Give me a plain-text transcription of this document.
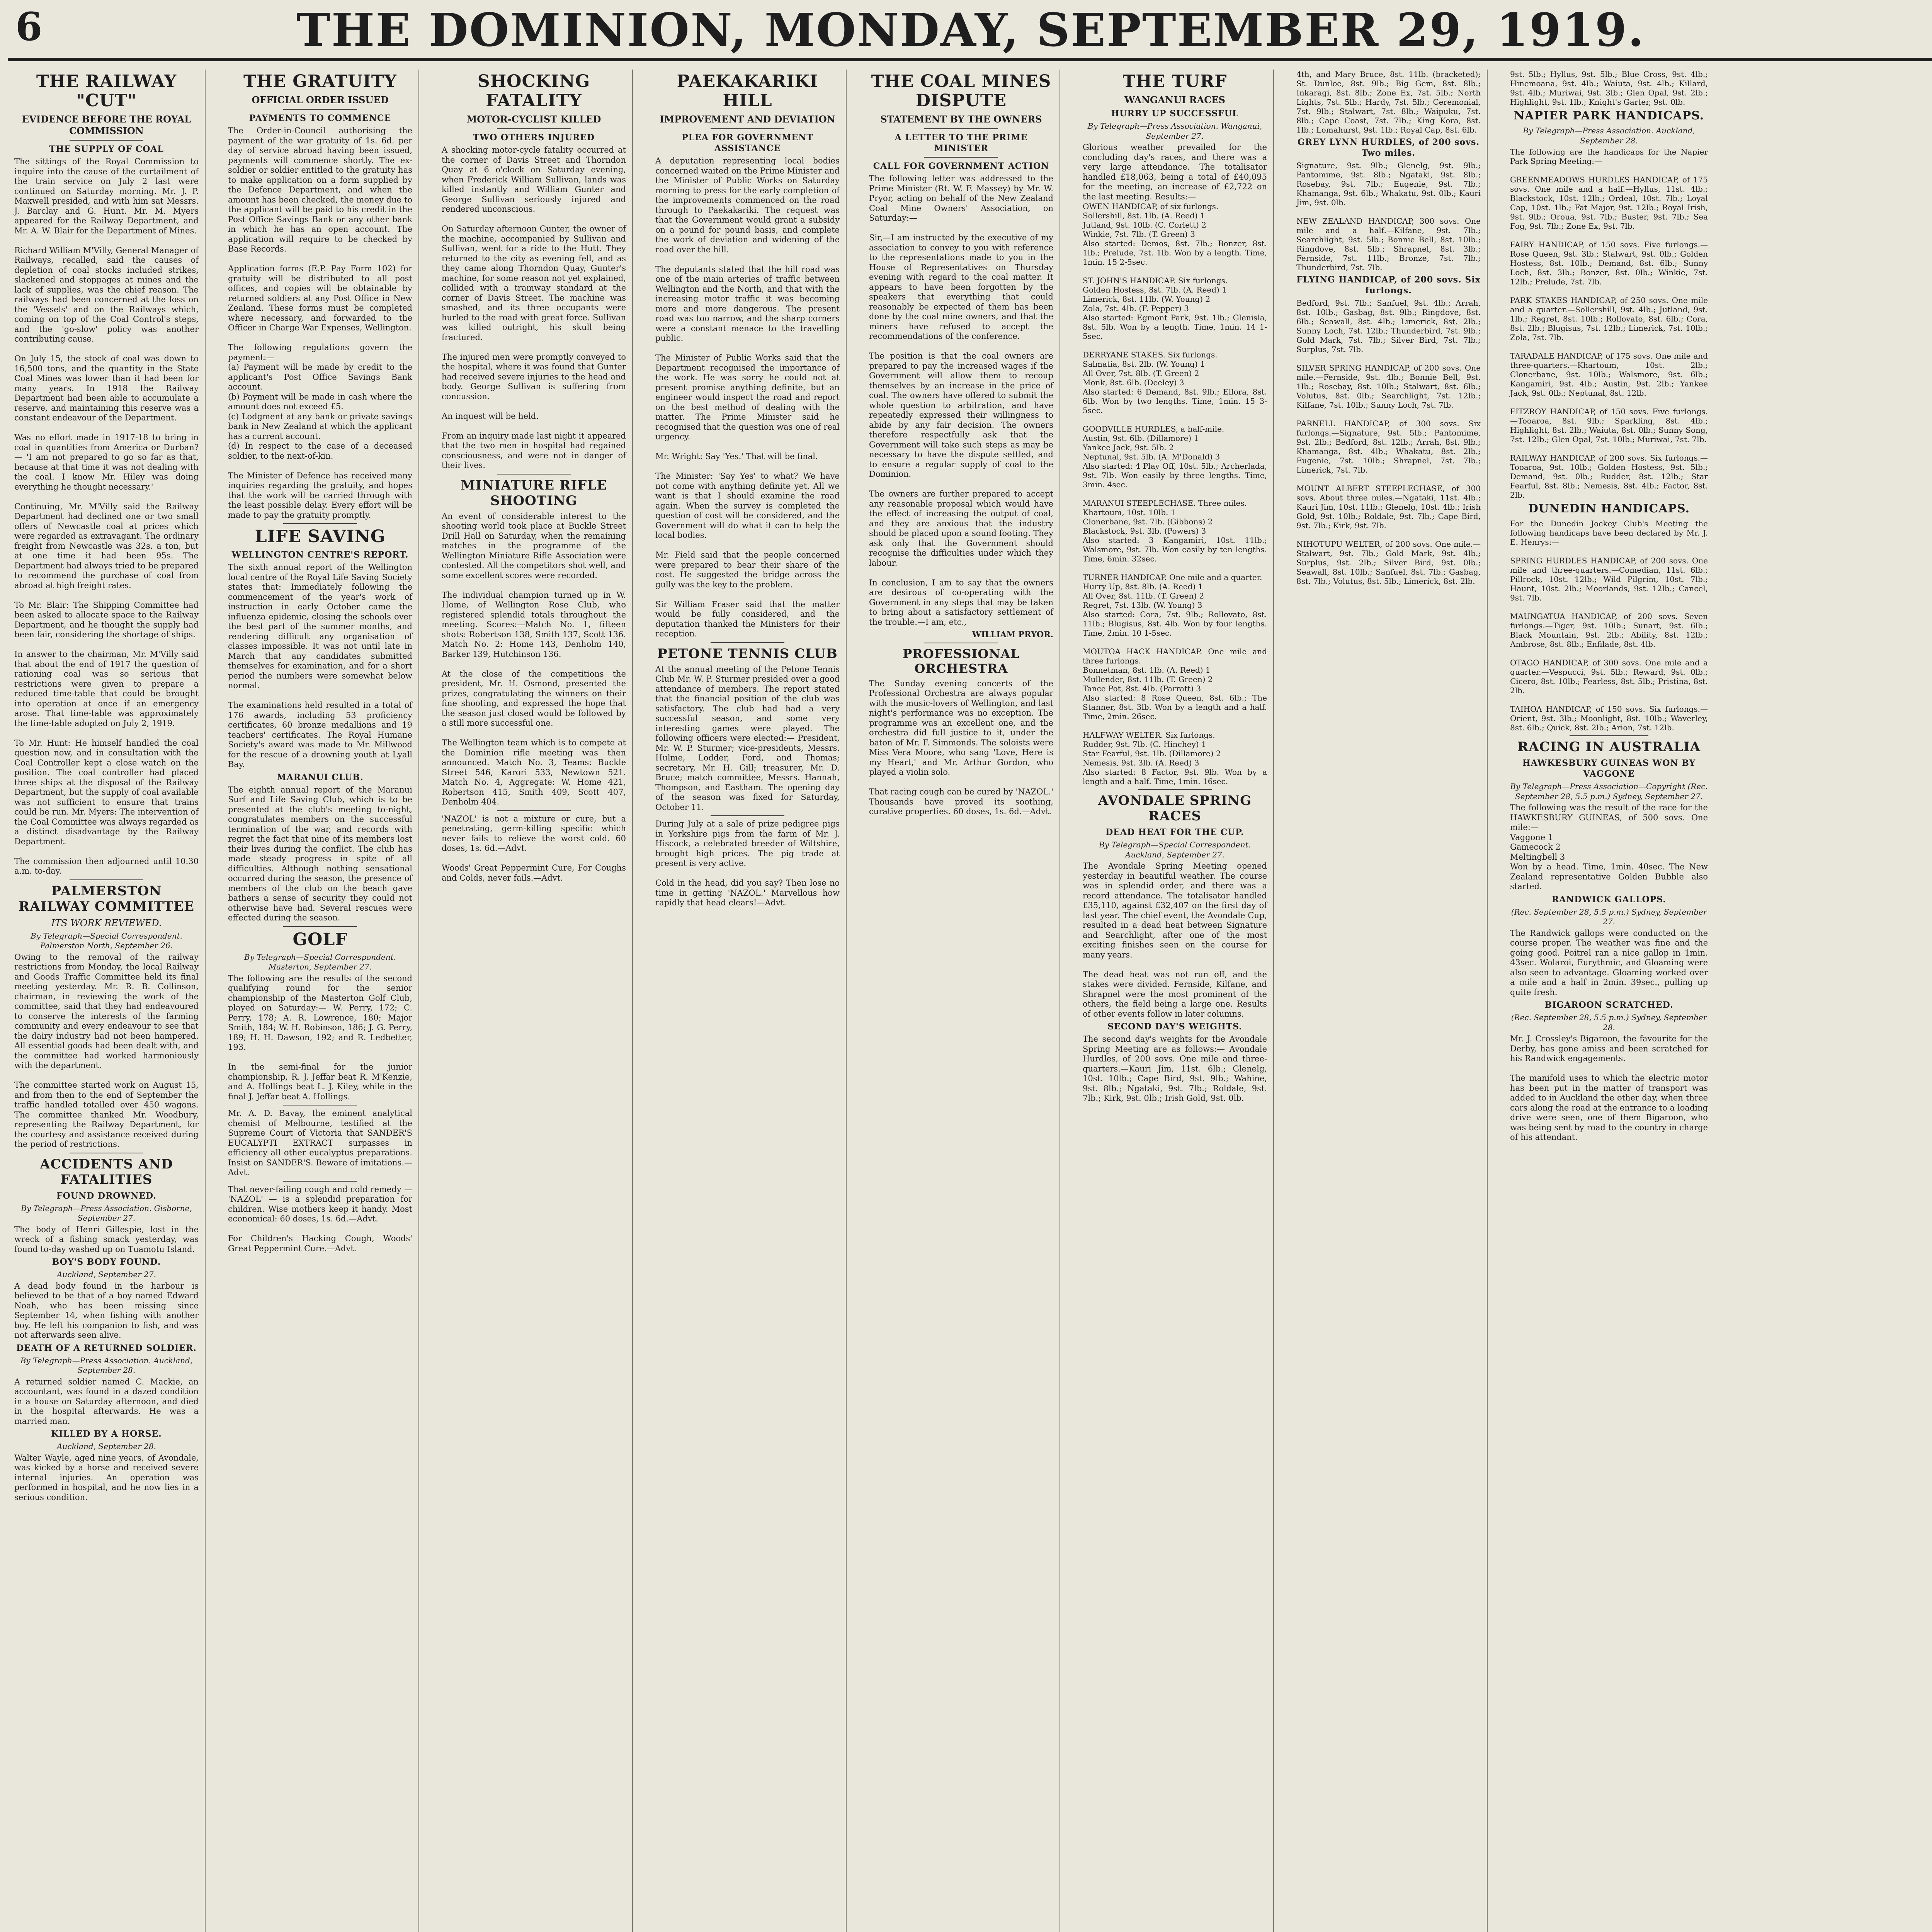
6	THE DOMINION, MONDAY, SEPTEMBER 29, 1919.
THE RAILWAY "CUT"
EVIDENCE BEFORE THE ROYAL COMMISSION
THE SUPPLY OF COAL
The sittings of the Royal Commission to inquire into the cause of the curtailment of the train service on July 2 last were continued on Saturday morning. Mr. J. P. Maxwell presided, and with him sat Messrs. J. Barclay and G. Hunt. Mr. M. Myers appeared for the Railway Department, and Mr. A. W. Blair for the Department of Mines.

Richard William M'Villy, General Manager of Railways, recalled, said the causes of depletion of coal stocks included strikes, slackened and stoppages at mines and the lack of supplies, was the chief reason. The railways had been concerned at the loss on the 'Vessels' and on the Railways which, coming on top of the Coal Control's steps, and the 'go-slow' policy was another contributing cause.

On July 15, the stock of coal was down to 16,500 tons, and the quantity in the State Coal Mines was lower than it had been for many years. In 1918 the Railway Department had been able to accumulate a reserve, and maintaining this reserve was a constant endeavour of the Department.

Was no effort made in 1917-18 to bring in coal in quantities from America or Durban? — 'I am not prepared to go so far as that, because at that time it was not dealing with the coal. I know Mr. Hiley was doing everything he thought necessary.'

Continuing, Mr. M'Villy said the Railway Department had declined one or two small offers of Newcastle coal at prices which were regarded as extravagant. The ordinary freight from Newcastle was 32s. a ton, but at one time it had been 95s. The Department had always tried to be prepared to recommend the purchase of coal from abroad at high freight rates.

To Mr. Blair: The Shipping Committee had been asked to allocate space to the Railway Department, and he thought the supply had been fair, considering the shortage of ships.

In answer to the chairman, Mr. M'Villy said that about the end of 1917 the question of rationing coal was so serious that restrictions were given to prepare a reduced time-table that could be brought into operation at once if an emergency arose. That time-table was approximately the time-table adopted on July 2, 1919.

To Mr. Hunt: He himself handled the coal question now, and in consultation with the Coal Controller kept a close watch on the position. The coal controller had placed three ships at the disposal of the Railway Department, but the supply of coal available was not sufficient to ensure that trains could be run. Mr. Myers: The intervention of the Coal Committee was always regarded as a distinct disadvantage by the Railway Department.

The commission then adjourned until 10.30 a.m. to-day.
PALMERSTON RAILWAY COMMITTEE
ITS WORK REVIEWED.
By Telegraph—Special Correspondent. Palmerston North, September 26.
Owing to the removal of the railway restrictions from Monday, the local Railway and Goods Traffic Committee held its final meeting yesterday. Mr. R. B. Collinson, chairman, in reviewing the work of the committee, said that they had endeavoured to conserve the interests of the farming community and every endeavour to see that the dairy industry had not been hampered. All essential goods had been dealt with, and the committee had worked harmoniously with the department.

The committee started work on August 15, and from then to the end of September the traffic handled totalled over 450 wagons. The committee thanked Mr. Woodbury, representing the Railway Department, for the courtesy and assistance received during the period of restrictions.
ACCIDENTS AND FATALITIES
FOUND DROWNED.
By Telegraph—Press Association. Gisborne, September 27.
The body of Henri Gillespie, lost in the wreck of a fishing smack yesterday, was found to-day washed up on Tuamotu Island.
BOY'S BODY FOUND.
Auckland, September 27.
A dead body found in the harbour is believed to be that of a boy named Edward Noah, who has been missing since September 14, when fishing with another boy. He left his companion to fish, and was not afterwards seen alive.
DEATH OF A RETURNED SOLDIER.
By Telegraph—Press Association. Auckland, September 28.
A returned soldier named C. Mackie, an accountant, was found in a dazed condition in a house on Saturday afternoon, and died in the hospital afterwards. He was a married man.
KILLED BY A HORSE.
Auckland, September 28.
Walter Wayle, aged nine years, of Avondale, was kicked by a horse and received severe internal injuries. An operation was performed in hospital, and he now lies in a serious condition.
THE GRATUITY
OFFICIAL ORDER ISSUED
PAYMENTS TO COMMENCE
The Order-in-Council authorising the payment of the war gratuity of 1s. 6d. per day of service abroad having been issued, payments will commence shortly. The ex-soldier or soldier entitled to the gratuity has to make application on a form supplied by the Defence Department, and when the amount has been checked, the money due to the applicant will be paid to his credit in the Post Office Savings Bank or any other bank in which he has an open account. The application will require to be checked by Base Records.

Application forms (E.P. Pay Form 102) for gratuity will be distributed to all post offices, and copies will be obtainable by returned soldiers at any Post Office in New Zealand. These forms must be completed where necessary, and forwarded to the Officer in Charge War Expenses, Wellington.

The following regulations govern the payment:—
(a) Payment will be made by credit to the applicant's Post Office Savings Bank account.
(b) Payment will be made in cash where the amount does not exceed £5.
(c) Lodgment at any bank or private savings bank in New Zealand at which the applicant has a current account.
(d) In respect to the case of a deceased soldier, to the next-of-kin.

The Minister of Defence has received many inquiries regarding the gratuity, and hopes that the work will be carried through with the least possible delay. Every effort will be made to pay the gratuity promptly.
LIFE SAVING
WELLINGTON CENTRE'S REPORT.
The sixth annual report of the Wellington local centre of the Royal Life Saving Society states that: Immediately following the commencement of the year's work of instruction in early October came the influenza epidemic, closing the schools over the best part of the summer months, and rendering difficult any organisation of classes impossible. It was not until late in March that any candidates submitted themselves for examination, and for a short period the numbers were somewhat below normal.

The examinations held resulted in a total of 176 awards, including 53 proficiency certificates, 60 bronze medallions and 19 teachers' certificates. The Royal Humane Society's award was made to Mr. Millwood for the rescue of a drowning youth at Lyall Bay.
MARANUI CLUB.
The eighth annual report of the Maranui Surf and Life Saving Club, which is to be presented at the club's meeting to-night, congratulates members on the successful termination of the war, and records with regret the fact that nine of its members lost their lives during the conflict. The club has made steady progress in spite of all difficulties. Although nothing sensational occurred during the season, the presence of members of the club on the beach gave bathers a sense of security they could not otherwise have had. Several rescues were effected during the season.
GOLF
By Telegraph—Special Correspondent. Masterton, September 27.
The following are the results of the second qualifying round for the senior championship of the Masterton Golf Club, played on Saturday:— W. Perry, 172; C. Perry, 178; A. R. Lowrence, 180; Major Smith, 184; W. H. Robinson, 186; J. G. Perry, 189; H. H. Dawson, 192; and R. Ledbetter, 193.

In the semi-final for the junior championship, R. J. Jeffar beat R. M'Kenzie, and A. Hollings beat L. J. Kiley, while in the final J. Jeffar beat A. Hollings.
Mr. A. D. Bavay, the eminent analytical chemist of Melbourne, testified at the Supreme Court of Victoria that SANDER'S EUCALYPTI EXTRACT surpasses in efficiency all other eucalyptus preparations. Insist on SANDER'S. Beware of imitations.—Advt.
That never-failing cough and cold remedy — 'NAZOL' — is a splendid preparation for children. Wise mothers keep it handy. Most economical: 60 doses, 1s. 6d.—Advt.

For Children's Hacking Cough, Woods' Great Peppermint Cure.—Advt.
SHOCKING FATALITY
MOTOR-CYCLIST KILLED
TWO OTHERS INJURED
A shocking motor-cycle fatality occurred at the corner of Davis Street and Thorndon Quay at 6 o'clock on Saturday evening, when Frederick William Sullivan, lands was killed instantly and William Gunter and George Sullivan seriously injured and rendered unconscious.

On Saturday afternoon Gunter, the owner of the machine, accompanied by Sullivan and Sullivan, went for a ride to the Hutt. They returned to the city as evening fell, and as they came along Thorndon Quay, Gunter's machine, for some reason not yet explained, collided with a tramway standard at the corner of Davis Street. The machine was smashed, and its three occupants were hurled to the road with great force. Sullivan was killed outright, his skull being fractured.

The injured men were promptly conveyed to the hospital, where it was found that Gunter had received severe injuries to the head and body. George Sullivan is suffering from concussion.

An inquest will be held.

From an inquiry made last night it appeared that the two men in hospital had regained consciousness, and were not in danger of their lives.
MINIATURE RIFLE SHOOTING
An event of considerable interest to the shooting world took place at Buckle Street Drill Hall on Saturday, when the remaining matches in the programme of the Wellington Miniature Rifle Association were contested. All the competitors shot well, and some excellent scores were recorded.

The individual champion turned up in W. Home, of Wellington Rose Club, who registered splendid totals throughout the meeting. Scores:—Match No. 1, fifteen shots: Robertson 138, Smith 137, Scott 136. Match No. 2: Home 143, Denholm 140, Barker 139, Hutchinson 136.

At the close of the competitions the president, Mr. H. Osmond, presented the prizes, congratulating the winners on their fine shooting, and expressed the hope that the season just closed would be followed by a still more successful one.

The Wellington team which is to compete at the Dominion rifle meeting was then announced. Match No. 3, Teams: Buckle Street 546, Karori 533, Newtown 521. Match No. 4, Aggregate: W. Home 421, Robertson 415, Smith 409, Scott 407, Denholm 404.
'NAZOL' is not a mixture or cure, but a penetrating, germ-killing specific which never fails to relieve the worst cold. 60 doses, 1s. 6d.—Advt.

Woods' Great Peppermint Cure, For Coughs and Colds, never fails.—Advt.
PAEKAKARIKI HILL
IMPROVEMENT AND DEVIATION
PLEA FOR GOVERNMENT ASSISTANCE
A deputation representing local bodies concerned waited on the Prime Minister and the Minister of Public Works on Saturday morning to press for the early completion of the improvements commenced on the road through to Paekakariki. The request was that the Government would grant a subsidy on a pound for pound basis, and complete the work of deviation and widening of the road over the hill.

The deputants stated that the hill road was one of the main arteries of traffic between Wellington and the North, and that with the increasing motor traffic it was becoming more and more dangerous. The present road was too narrow, and the sharp corners were a constant menace to the travelling public.

The Minister of Public Works said that the Department recognised the importance of the work. He was sorry he could not at present promise anything definite, but an engineer would inspect the road and report on the best method of dealing with the matter. The Prime Minister said he recognised that the question was one of real urgency.

Mr. Wright: Say 'Yes.' That will be final.

The Minister: 'Say Yes' to what? We have not come with anything definite yet. All we want is that I should examine the road again. When the survey is completed the question of cost will be considered, and the Government will do what it can to help the local bodies.

Mr. Field said that the people concerned were prepared to bear their share of the cost. He suggested the bridge across the gully was the key to the problem.

Sir William Fraser said that the matter would be fully considered, and the deputation thanked the Ministers for their reception.
PETONE TENNIS CLUB
At the annual meeting of the Petone Tennis Club Mr. W. P. Sturmer presided over a good attendance of members. The report stated that the financial position of the club was satisfactory. The club had had a very successful season, and some very interesting games were played. The following officers were elected:— President, Mr. W. P. Sturmer; vice-presidents, Messrs. Hulme, Lodder, Ford, and Thomas; secretary, Mr. H. Gill; treasurer, Mr. D. Bruce; match committee, Messrs. Hannah, Thompson, and Eastham. The opening day of the season was fixed for Saturday, October 11.
During July at a sale of prize pedigree pigs in Yorkshire pigs from the farm of Mr. J. Hiscock, a celebrated breeder of Wiltshire, brought high prices. The pig trade at present is very active.

Cold in the head, did you say? Then lose no time in getting 'NAZOL.' Marvellous how rapidly that head clears!—Advt.
THE COAL MINES DISPUTE
STATEMENT BY THE OWNERS
A LETTER TO THE PRIME MINISTER
CALL FOR GOVERNMENT ACTION
The following letter was addressed to the Prime Minister (Rt. W. F. Massey) by Mr. W. Pryor, acting on behalf of the New Zealand Coal Mine Owners' Association, on Saturday:—

Sir,—I am instructed by the executive of my association to convey to you with reference to the representations made to you in the House of Representatives on Thursday evening with regard to the coal matter. It appears to have been forgotten by the speakers that everything that could reasonably be expected of them has been done by the coal mine owners, and that the miners have refused to accept the recommendations of the conference.

The position is that the coal owners are prepared to pay the increased wages if the Government will allow them to recoup themselves by an increase in the price of coal. The owners have offered to submit the whole question to arbitration, and have repeatedly expressed their willingness to abide by any fair decision. The owners therefore respectfully ask that the Government will take such steps as may be necessary to have the dispute settled, and to ensure a regular supply of coal to the Dominion.

The owners are further prepared to accept any reasonable proposal which would have the effect of increasing the output of coal, and they are anxious that the industry should be placed upon a sound footing. They ask only that the Government should recognise the difficulties under which they labour.

In conclusion, I am to say that the owners are desirous of co-operating with the Government in any steps that may be taken to bring about a satisfactory settlement of the trouble.—I am, etc.,
WILLIAM PRYOR.
PROFESSIONAL ORCHESTRA
The Sunday evening concerts of the Professional Orchestra are always popular with the music-lovers of Wellington, and last night's performance was no exception. The programme was an excellent one, and the orchestra did full justice to it, under the baton of Mr. F. Simmonds. The soloists were Miss Vera Moore, who sang 'Love, Here is my Heart,' and Mr. Arthur Gordon, who played a violin solo.

That racing cough can be cured by 'NAZOL.' Thousands have proved its soothing, curative properties. 60 doses, 1s. 6d.—Advt.
THE TURF
WANGANUI RACES
HURRY UP SUCCESSFUL
By Telegraph—Press Association. Wanganui, September 27.
Glorious weather prevailed for the concluding day's races, and there was a very large attendance. The totalisator handled £18,063, being a total of £40,095 for the meeting, an increase of £2,722 on the last meeting. Results:—
OWEN HANDICAP, of six furlongs.
Sollershill, 8st. 1lb. (A. Reed) 1
Jutland, 9st. 10lb. (C. Corlett) 2
Winkie, 7st. 7lb. (T. Green) 3
Also started: Demos, 8st. 7lb.; Bonzer, 8st. 1lb.; Prelude, 7st. 1lb. Won by a length. Time, 1min. 15 2-5sec.

ST. JOHN'S HANDICAP. Six furlongs.
Golden Hostess, 8st. 7lb. (A. Reed) 1
Limerick, 8st. 11lb. (W. Young) 2
Zola, 7st. 4lb. (F. Pepper) 3
Also started: Egmont Park, 9st. 1lb.; Glenisla, 8st. 5lb. Won by a length. Time, 1min. 14 1-5sec.

DERRYANE STAKES. Six furlongs.
Salmatia, 8st. 2lb. (W. Young) 1
All Over, 7st. 8lb. (T. Green) 2
Monk, 8st. 6lb. (Deeley) 3
Also started: 6 Demand, 8st. 9lb.; Ellora, 8st. 6lb. Won by two lengths. Time, 1min. 15 3-5sec.

GOODVILLE HURDLES, a half-mile.
Austin, 9st. 6lb. (Dillamore) 1
Yankee Jack, 9st. 5lb. 2
Neptunal, 9st. 5lb. (A. M'Donald) 3
Also started: 4 Play Off, 10st. 5lb.; Archerlada, 9st. 7lb. Won easily by three lengths. Time, 3min. 4sec.

MARANUI STEEPLECHASE. Three miles.
Khartoum, 10st. 10lb. 1
Clonerbane, 9st. 7lb. (Gibbons) 2
Blackstock, 9st. 3lb. (Powers) 3
Also started: 3 Kangamiri, 10st. 11lb.; Walsmore, 9st. 7lb. Won easily by ten lengths. Time, 6min. 32sec.

TURNER HANDICAP. One mile and a quarter.
Hurry Up, 8st. 8lb. (A. Reed) 1
All Over, 8st. 11lb. (T. Green) 2
Regret, 7st. 13lb. (W. Young) 3
Also started: Cora, 7st. 9lb.; Rollovato, 8st. 11lb.; Blugisus, 8st. 4lb. Won by four lengths. Time, 2min. 10 1-5sec.

MOUTOA HACK HANDICAP. One mile and three furlongs.
Bonnetman, 8st. 1lb. (A. Reed) 1
Mullender, 8st. 11lb. (T. Green) 2
Tance Pot, 8st. 4lb. (Parratt) 3
Also started: 8 Rose Queen, 8st. 6lb.; The Stanner, 8st. 3lb. Won by a length and a half. Time, 2min. 26sec.

HALFWAY WELTER. Six furlongs.
Rudder, 9st. 7lb. (C. Hinchey) 1
Star Fearful, 9st. 1lb. (Dillamore) 2
Nemesis, 9st. 3lb. (A. Reed) 3
Also started: 8 Factor, 9st. 9lb. Won by a length and a half. Time, 1min. 16sec.
AVONDALE SPRING RACES
DEAD HEAT FOR THE CUP.
By Telegraph—Special Correspondent. Auckland, September 27.
The Avondale Spring Meeting opened yesterday in beautiful weather. The course was in splendid order, and there was a record attendance. The totalisator handled £35,110, against £32,407 on the first day of last year. The chief event, the Avondale Cup, resulted in a dead heat between Signature and Searchlight, after one of the most exciting finishes seen on the course for many years.

The dead heat was not run off, and the stakes were divided. Fernside, Kilfane, and Shrapnel were the most prominent of the others, the field being a large one. Results of other events follow in later columns.
SECOND DAY'S WEIGHTS.
The second day's weights for the Avondale Spring Meeting are as follows:— Avondale Hurdles, of 200 sovs. One mile and three-quarters.—Kauri Jim, 11st. 6lb.; Glenelg, 10st. 10lb.; Cape Bird, 9st. 9lb.; Wahine, 9st. 8lb.; Ngataki, 9st. 7lb.; Roldale, 9st. 7lb.; Kirk, 9st. 0lb.; Irish Gold, 9st. 0lb.
4th, and Mary Bruce, 8st. 11lb. (bracketed); St. Dunloe, 8st. 9lb.; Big Gem, 8st. 8lb.; Inkaragi, 8st. 8lb.; Zone Ex, 7st. 5lb.; North Lights, 7st. 5lb.; Hardy, 7st. 5lb.; Ceremonial, 7st. 9lb.; Stalwart, 7st. 8lb.; Waipuku, 7st. 8lb.; Cape Coast, 7st. 7lb.; King Kora, 8st. 1lb.; Lomahurst, 9st. 1lb.; Royal Cap, 8st. 6lb.
GREY LYNN HURDLES, of 200 sovs. Two miles.
Signature, 9st. 9lb.; Glenelg, 9st. 9lb.; Pantomime, 9st. 8lb.; Ngataki, 9st. 8lb.; Rosebay, 9st. 7lb.; Eugenie, 9st. 7lb.; Khamanga, 9st. 6lb.; Whakatu, 9st. 0lb.; Kauri Jim, 9st. 0lb.

NEW ZEALAND HANDICAP, 300 sovs. One mile and a half.—Kilfane, 9st. 7lb.; Searchlight, 9st. 5lb.; Bonnie Bell, 8st. 10lb.; Ringdove, 8st. 5lb.; Shrapnel, 8st. 3lb.; Fernside, 7st. 11lb.; Bronze, 7st. 7lb.; Thunderbird, 7st. 7lb.
FLYING HANDICAP, of 200 sovs. Six furlongs.
Bedford, 9st. 7lb.; Sanfuel, 9st. 4lb.; Arrah, 8st. 10lb.; Gasbag, 8st. 9lb.; Ringdove, 8st. 6lb.; Seawall, 8st. 4lb.; Limerick, 8st. 2lb.; Sunny Loch, 7st. 12lb.; Thunderbird, 7st. 9lb.; Gold Mark, 7st. 7lb.; Silver Bird, 7st. 7lb.; Surplus, 7st. 7lb.

SILVER SPRING HANDICAP, of 200 sovs. One mile.—Fernside, 9st. 4lb.; Bonnie Bell, 9st. 1lb.; Rosebay, 8st. 10lb.; Stalwart, 8st. 6lb.; Volutus, 8st. 0lb.; Searchlight, 7st. 12lb.; Kilfane, 7st. 10lb.; Sunny Loch, 7st. 7lb.

PARNELL HANDICAP, of 300 sovs. Six furlongs.—Signature, 9st. 5lb.; Pantomime, 9st. 2lb.; Bedford, 8st. 12lb.; Arrah, 8st. 9lb.; Khamanga, 8st. 4lb.; Whakatu, 8st. 2lb.; Eugenie, 7st. 10lb.; Shrapnel, 7st. 7lb.; Limerick, 7st. 7lb.

MOUNT ALBERT STEEPLECHASE, of 300 sovs. About three miles.—Ngataki, 11st. 4lb.; Kauri Jim, 10st. 11lb.; Glenelg, 10st. 4lb.; Irish Gold, 9st. 10lb.; Roldale, 9st. 7lb.; Cape Bird, 9st. 7lb.; Kirk, 9st. 7lb.

NIHOTUPU WELTER, of 200 sovs. One mile.—Stalwart, 9st. 7lb.; Gold Mark, 9st. 4lb.; Surplus, 9st. 2lb.; Silver Bird, 9st. 0lb.; Seawall, 8st. 10lb.; Sanfuel, 8st. 7lb.; Gasbag, 8st. 7lb.; Volutus, 8st. 5lb.; Limerick, 8st. 2lb.
9st. 5lb.; Hyllus, 9st. 5lb.; Blue Cross, 9st. 4lb.; Hinemoana, 9st. 4lb.; Waiuta, 9st. 4lb.; Killard, 9st. 4lb.; Muriwai, 9st. 3lb.; Glen Opal, 9st. 2lb.; Highlight, 9st. 1lb.; Knight's Garter, 9st. 0lb.
NAPIER PARK HANDICAPS.
By Telegraph—Press Association. Auckland, September 28.
The following are the handicaps for the Napier Park Spring Meeting:—

GREENMEADOWS HURDLES HANDICAP, of 175 sovs. One mile and a half.—Hyllus, 11st. 4lb.; Blackstock, 10st. 12lb.; Ordeal, 10st. 7lb.; Loyal Cap, 10st. 1lb.; Fat Major, 9st. 12lb.; Royal Irish, 9st. 9lb.; Oroua, 9st. 7lb.; Buster, 9st. 7lb.; Sea Fog, 9st. 7lb.; Zone Ex, 9st. 7lb.

FAIRY HANDICAP, of 150 sovs. Five furlongs.—Rose Queen, 9st. 3lb.; Stalwart, 9st. 0lb.; Golden Hostess, 8st. 10lb.; Demand, 8st. 6lb.; Sunny Loch, 8st. 3lb.; Bonzer, 8st. 0lb.; Winkie, 7st. 12lb.; Prelude, 7st. 7lb.

PARK STAKES HANDICAP, of 250 sovs. One mile and a quarter.—Sollershill, 9st. 4lb.; Jutland, 9st. 1lb.; Regret, 8st. 10lb.; Rollovato, 8st. 6lb.; Cora, 8st. 2lb.; Blugisus, 7st. 12lb.; Limerick, 7st. 10lb.; Zola, 7st. 7lb.

TARADALE HANDICAP, of 175 sovs. One mile and three-quarters.—Khartoum, 10st. 2lb.; Clonerbane, 9st. 10lb.; Walsmore, 9st. 6lb.; Kangamiri, 9st. 4lb.; Austin, 9st. 2lb.; Yankee Jack, 9st. 0lb.; Neptunal, 8st. 12lb.

FITZROY HANDICAP, of 150 sovs. Five furlongs.—Tooaroa, 8st. 9lb.; Sparkling, 8st. 4lb.; Highlight, 8st. 2lb.; Waiuta, 8st. 0lb.; Sunny Song, 7st. 12lb.; Glen Opal, 7st. 10lb.; Muriwai, 7st. 7lb.

RAILWAY HANDICAP, of 200 sovs. Six furlongs.—Tooaroa, 9st. 10lb.; Golden Hostess, 9st. 5lb.; Demand, 9st. 0lb.; Rudder, 8st. 12lb.; Star Fearful, 8st. 8lb.; Nemesis, 8st. 4lb.; Factor, 8st. 2lb.
DUNEDIN HANDICAPS.
For the Dunedin Jockey Club's Meeting the following handicaps have been declared by Mr. J. E. Henrys:—

SPRING HURDLES HANDICAP, of 200 sovs. One mile and three-quarters.—Comedian, 11st. 6lb.; Pillrock, 10st. 12lb.; Wild Pilgrim, 10st. 7lb.; Haunt, 10st. 2lb.; Moorlands, 9st. 12lb.; Cancel, 9st. 7lb.

MAUNGATUA HANDICAP, of 200 sovs. Seven furlongs.—Tiger, 9st. 10lb.; Sunart, 9st. 6lb.; Black Mountain, 9st. 2lb.; Ability, 8st. 12lb.; Ambrose, 8st. 8lb.; Enfilade, 8st. 4lb.

OTAGO HANDICAP, of 300 sovs. One mile and a quarter.—Vespucci, 9st. 5lb.; Reward, 9st. 0lb.; Cicero, 8st. 10lb.; Fearless, 8st. 5lb.; Pristina, 8st. 2lb.

TAIHOA HANDICAP, of 150 sovs. Six furlongs.—Orient, 9st. 3lb.; Moonlight, 8st. 10lb.; Waverley, 8st. 6lb.; Quick, 8st. 2lb.; Arion, 7st. 12lb.
RACING IN AUSTRALIA
HAWKESBURY GUINEAS WON BY VAGGONE
By Telegraph—Press Association—Copyright (Rec. September 28, 5.5 p.m.) Sydney, September 27.
The following was the result of the race for the HAWKESBURY GUINEAS, of 500 sovs. One mile:—
Vaggone 1
Gamecock 2
Meltingbell 3
Won by a head. Time, 1min. 40sec. The New Zealand representative Golden Bubble also started.
RANDWICK GALLOPS.
(Rec. September 28, 5.5 p.m.) Sydney, September 27.
The Randwick gallops were conducted on the course proper. The weather was fine and the going good. Poitrel ran a nice gallop in 1min. 43sec. Wolaroi, Eurythmic, and Gloaming were also seen to advantage. Gloaming worked over a mile and a half in 2min. 39sec., pulling up quite fresh.
BIGAROON SCRATCHED.
(Rec. September 28, 5.5 p.m.) Sydney, September 28.
Mr. J. Crossley's Bigaroon, the favourite for the Derby, has gone amiss and been scratched for his Randwick engagements.

The manifold uses to which the electric motor has been put in the matter of transport was added to in Auckland the other day, when three cars along the road at the entrance to a loading drive were seen, one of them Bigaroon, who was being sent by road to the country in charge of his attendant.
